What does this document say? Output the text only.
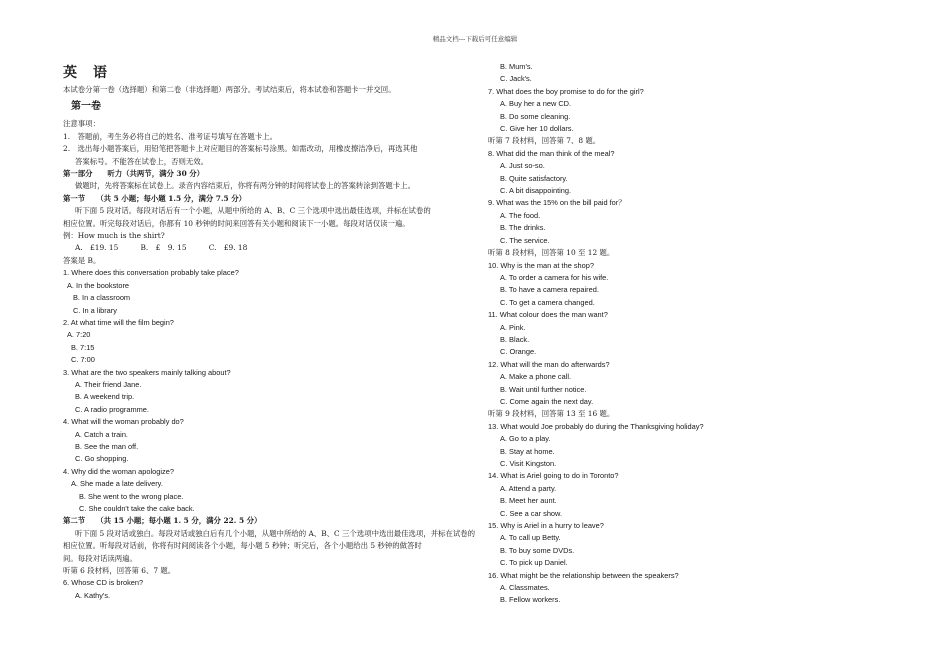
精品文档---下载后可任意编辑
英　语
本试卷分第一卷（选择题）和第二卷（非选择题）两部分。考试结束后，将本试卷和答题卡一并交回。
第一卷
注意事项：
1.　答题前，考生务必将自己的姓名、准考证号填写在答题卡上。
2.　选出每小题答案后，用铅笔把答题卡上对应题目的答案标号涂黑。如需改动，用橡皮擦洁净后，再选其他
答案标号。不能答在试卷上，否则无效。
第一部分　　听力（共两节，满分 30 分）
做题时，先将答案标在试卷上。录音内容结束后，你将有两分钟的时间将试卷上的答案转涂到答题卡上。
第一节　　（共 5 小题；每小题 1.5 分，满分 7.5 分）
听下面 5 段对话。每段对话后有一个小题，从题中所给的 A、B、C 三个选项中选出最佳选项，并标在试卷的
相应位置。听完每段对话后，你都有 10 秒钟的时间来回答有关小题和阅读下一小题。每段对话仅读一遍。
例：How much is the shirt?
A.　£19. 15　　　B.　£　9. 15　　　C.　£9. 18
答案是 B。
1. Where does this conversation probably take place?
A. In the bookstore
B. In a classroom
C. In a library
2. At what time will the film begin?
A. 7:20
B. 7:15
C. 7:00
3. What are the two speakers mainly talking about?
A. Their friend Jane.
B. A weekend trip.
C. A radio programme.
4. What will the woman probably do?
A. Catch a train.
B. See the man off.
C. Go shopping.
4. Why did the woman apologize?
A. She made a late delivery.
B. She went to the wrong place.
C. She couldn't take the cake back.
第二节　　（共 15 小题；每小题 1. 5 分，满分 22. 5 分）
听下面 5 段对话或独白。每段对话或独白后有几个小题，从题中所给的 A、B、C 三个选项中选出最佳选项，并标在试卷的
相应位置。听每段对话前，你将有时间阅读各个小题，每小题 5 秒钟；听完后，各个小题给出 5 秒钟的做答时
间。每段对话读两遍。
听第 6 段材料，回答第 6、7 题。
6. Whose CD is broken?
A. Kathy's.
B. Mum's.
C. Jack's.
7. What does the boy promise to do for the girl?
A. Buy her a new CD.
B. Do some cleaning.
C. Give her 10 dollars.
听第 7 段材料，回答第 7、8 题。
8. What did the man think of the meal?
A. Just so-so.
B. Quite satisfactory.
C. A bit disappointing.
9. What was the 15% on the bill paid for？
A. The food.
B. The drinks.
C. The service.
听第 8 段材料，回答第 10 至 12 题。
10. Why is the man at the shop?
A. To order a camera for his wife.
B. To have a camera repaired.
C. To get a camera changed.
11. What colour does the man want?
A. Pink.
B. Black.
C. Orange.
12. What will the man do afterwards?
A. Make a phone call.
B. Wait until further notice.
C. Come again the next day.
听第 9 段材料，回答第 13 至 16 题。
13. What would Joe probably do during the Thanksgiving holiday?
A. Go to a play.
B. Stay at home.
C. Visit Kingston.
14. What is Ariel going to do in Toronto?
A. Attend a party.
B. Meet her aunt.
C. See a car show.
15. Why is Ariel in a hurry to leave?
A. To call up Betty.
B. To buy some DVDs.
C. To pick up Daniel.
16. What might be the relationship between the speakers?
A. Classmates.
B. Fellow workers.
